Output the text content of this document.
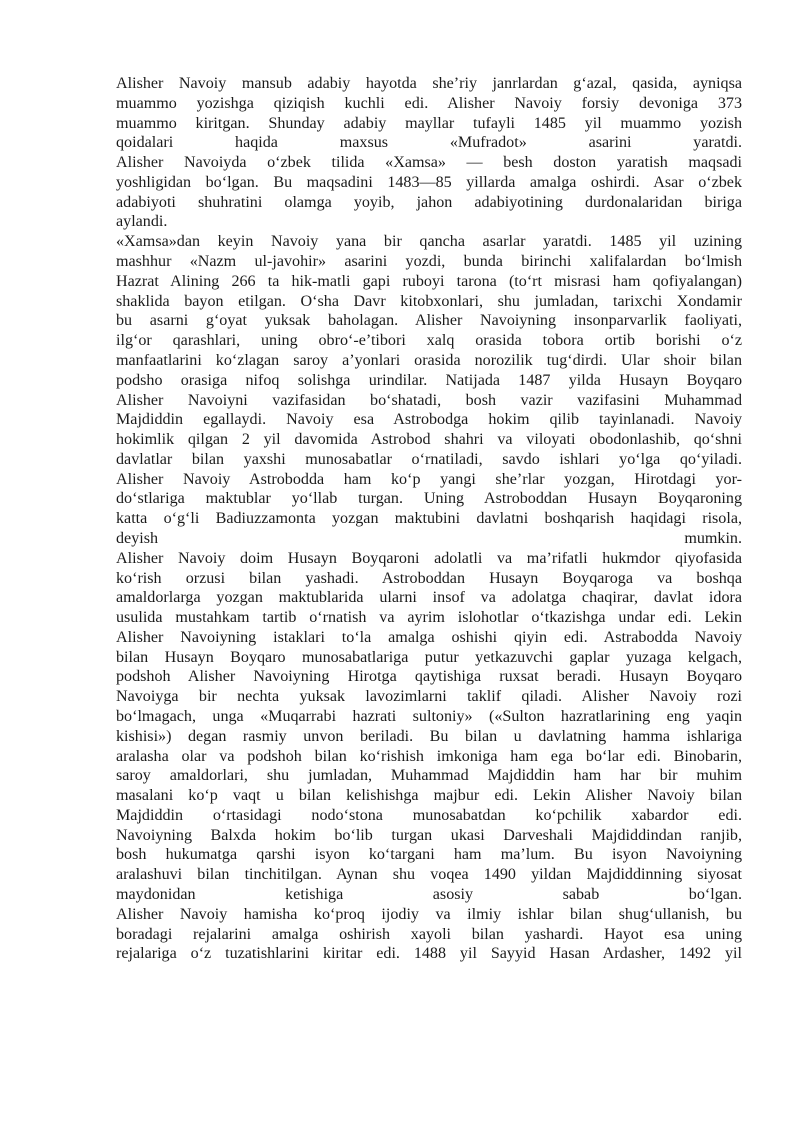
Alisher Navoiy mansub adabiy hayotda she’riy janrlardan g‘azal, qasida, ayniqsa
muammo yozishga qiziqish kuchli edi. Alisher Navoiy forsiy devoniga 373
muammo kiritgan. Shunday adabiy mayllar tufayli 1485 yil muammo yozish
qoidalari haqida maxsus «Mufradot» asarini yaratdi.
Alisher Navoiyda o‘zbek tilida «Xamsa» — besh doston yaratish maqsadi
yoshligidan bo‘lgan. Bu maqsadini 1483—85 yillarda amalga oshirdi. Asar o‘zbek
adabiyoti shuhratini olamga yoyib, jahon adabiyotining durdonalaridan biriga
aylandi.
«Xamsa»dan keyin Navoiy yana bir qancha asarlar yaratdi. 1485 yil uzining
mashhur «Nazm ul-javohir» asarini yozdi, bunda birinchi xalifalardan bo‘lmish
Hazrat Alining 266 ta hik-matli gapi ruboyi tarona (to‘rt misrasi ham qofiyalangan)
shaklida bayon etilgan. O‘sha Davr kitobxonlari, shu jumladan, tarixchi Xondamir
bu asarni g‘oyat yuksak baholagan. Alisher Navoiyning insonparvarlik faoliyati,
ilg‘or qarashlari, uning obro‘-e’tibori xalq orasida tobora ortib borishi o‘z
manfaatlarini ko‘zlagan saroy a’yonlari orasida norozilik tug‘dirdi. Ular shoir bilan
podsho orasiga nifoq solishga urindilar. Natijada 1487 yilda Husayn Boyqaro
Alisher Navoiyni vazifasidan bo‘shatadi, bosh vazir vazifasini Muhammad
Majdiddin egallaydi. Navoiy esa Astrobodga hokim qilib tayinlanadi. Navoiy
hokimlik qilgan 2 yil davomida Astrobod shahri va viloyati obodonlashib, qo‘shni
davlatlar bilan yaxshi munosabatlar o‘rnatiladi, savdo ishlari yo‘lga qo‘yiladi.
Alisher Navoiy Astrobodda ham ko‘p yangi she’rlar yozgan, Hirotdagi yor-
do‘stlariga maktublar yo‘llab turgan. Uning Astroboddan Husayn Boyqaroning
katta o‘g‘li Badiuzzamonta yozgan maktubini davlatni boshqarish haqidagi risola,
deyish mumkin.
Alisher Navoiy doim Husayn Boyqaroni adolatli va ma’rifatli hukmdor qiyofasida
ko‘rish orzusi bilan yashadi. Astroboddan Husayn Boyqaroga va boshqa
amaldorlarga yozgan maktublarida ularni insof va adolatga chaqirar, davlat idora
usulida mustahkam tartib o‘rnatish va ayrim islohotlar o‘tkazishga undar edi. Lekin
Alisher Navoiyning istaklari to‘la amalga oshishi qiyin edi. Astrabodda Navoiy
bilan Husayn Boyqaro munosabatlariga putur yetkazuvchi gaplar yuzaga kelgach,
podshoh Alisher Navoiyning Hirotga qaytishiga ruxsat beradi. Husayn Boyqaro
Navoiyga bir nechta yuksak lavozimlarni taklif qiladi. Alisher Navoiy rozi
bo‘lmagach, unga «Muqarrabi hazrati sultoniy» («Sulton hazratlarining eng yaqin
kishisi») degan rasmiy unvon beriladi. Bu bilan u davlatning hamma ishlariga
aralasha olar va podshoh bilan ko‘rishish imkoniga ham ega bo‘lar edi. Binobarin,
saroy amaldorlari, shu jumladan, Muhammad Majdiddin ham har bir muhim
masalani ko‘p vaqt u bilan kelishishga majbur edi. Lekin Alisher Navoiy bilan
Majdiddin o‘rtasidagi nodo‘stona munosabatdan ko‘pchilik xabardor edi.
Navoiyning Balxda hokim bo‘lib turgan ukasi Darveshali Majdiddindan ranjib,
bosh hukumatga qarshi isyon ko‘targani ham ma’lum. Bu isyon Navoiyning
aralashuvi bilan tinchitilgan. Aynan shu voqea 1490 yildan Majdiddinning siyosat
maydonidan ketishiga asosiy sabab bo‘lgan.
Alisher Navoiy hamisha ko‘proq ijodiy va ilmiy ishlar bilan shug‘ullanish, bu
boradagi rejalarini amalga oshirish xayoli bilan yashardi. Hayot esa uning
rejalariga o‘z tuzatishlarini kiritar edi. 1488 yil Sayyid Hasan Ardasher, 1492 yil
